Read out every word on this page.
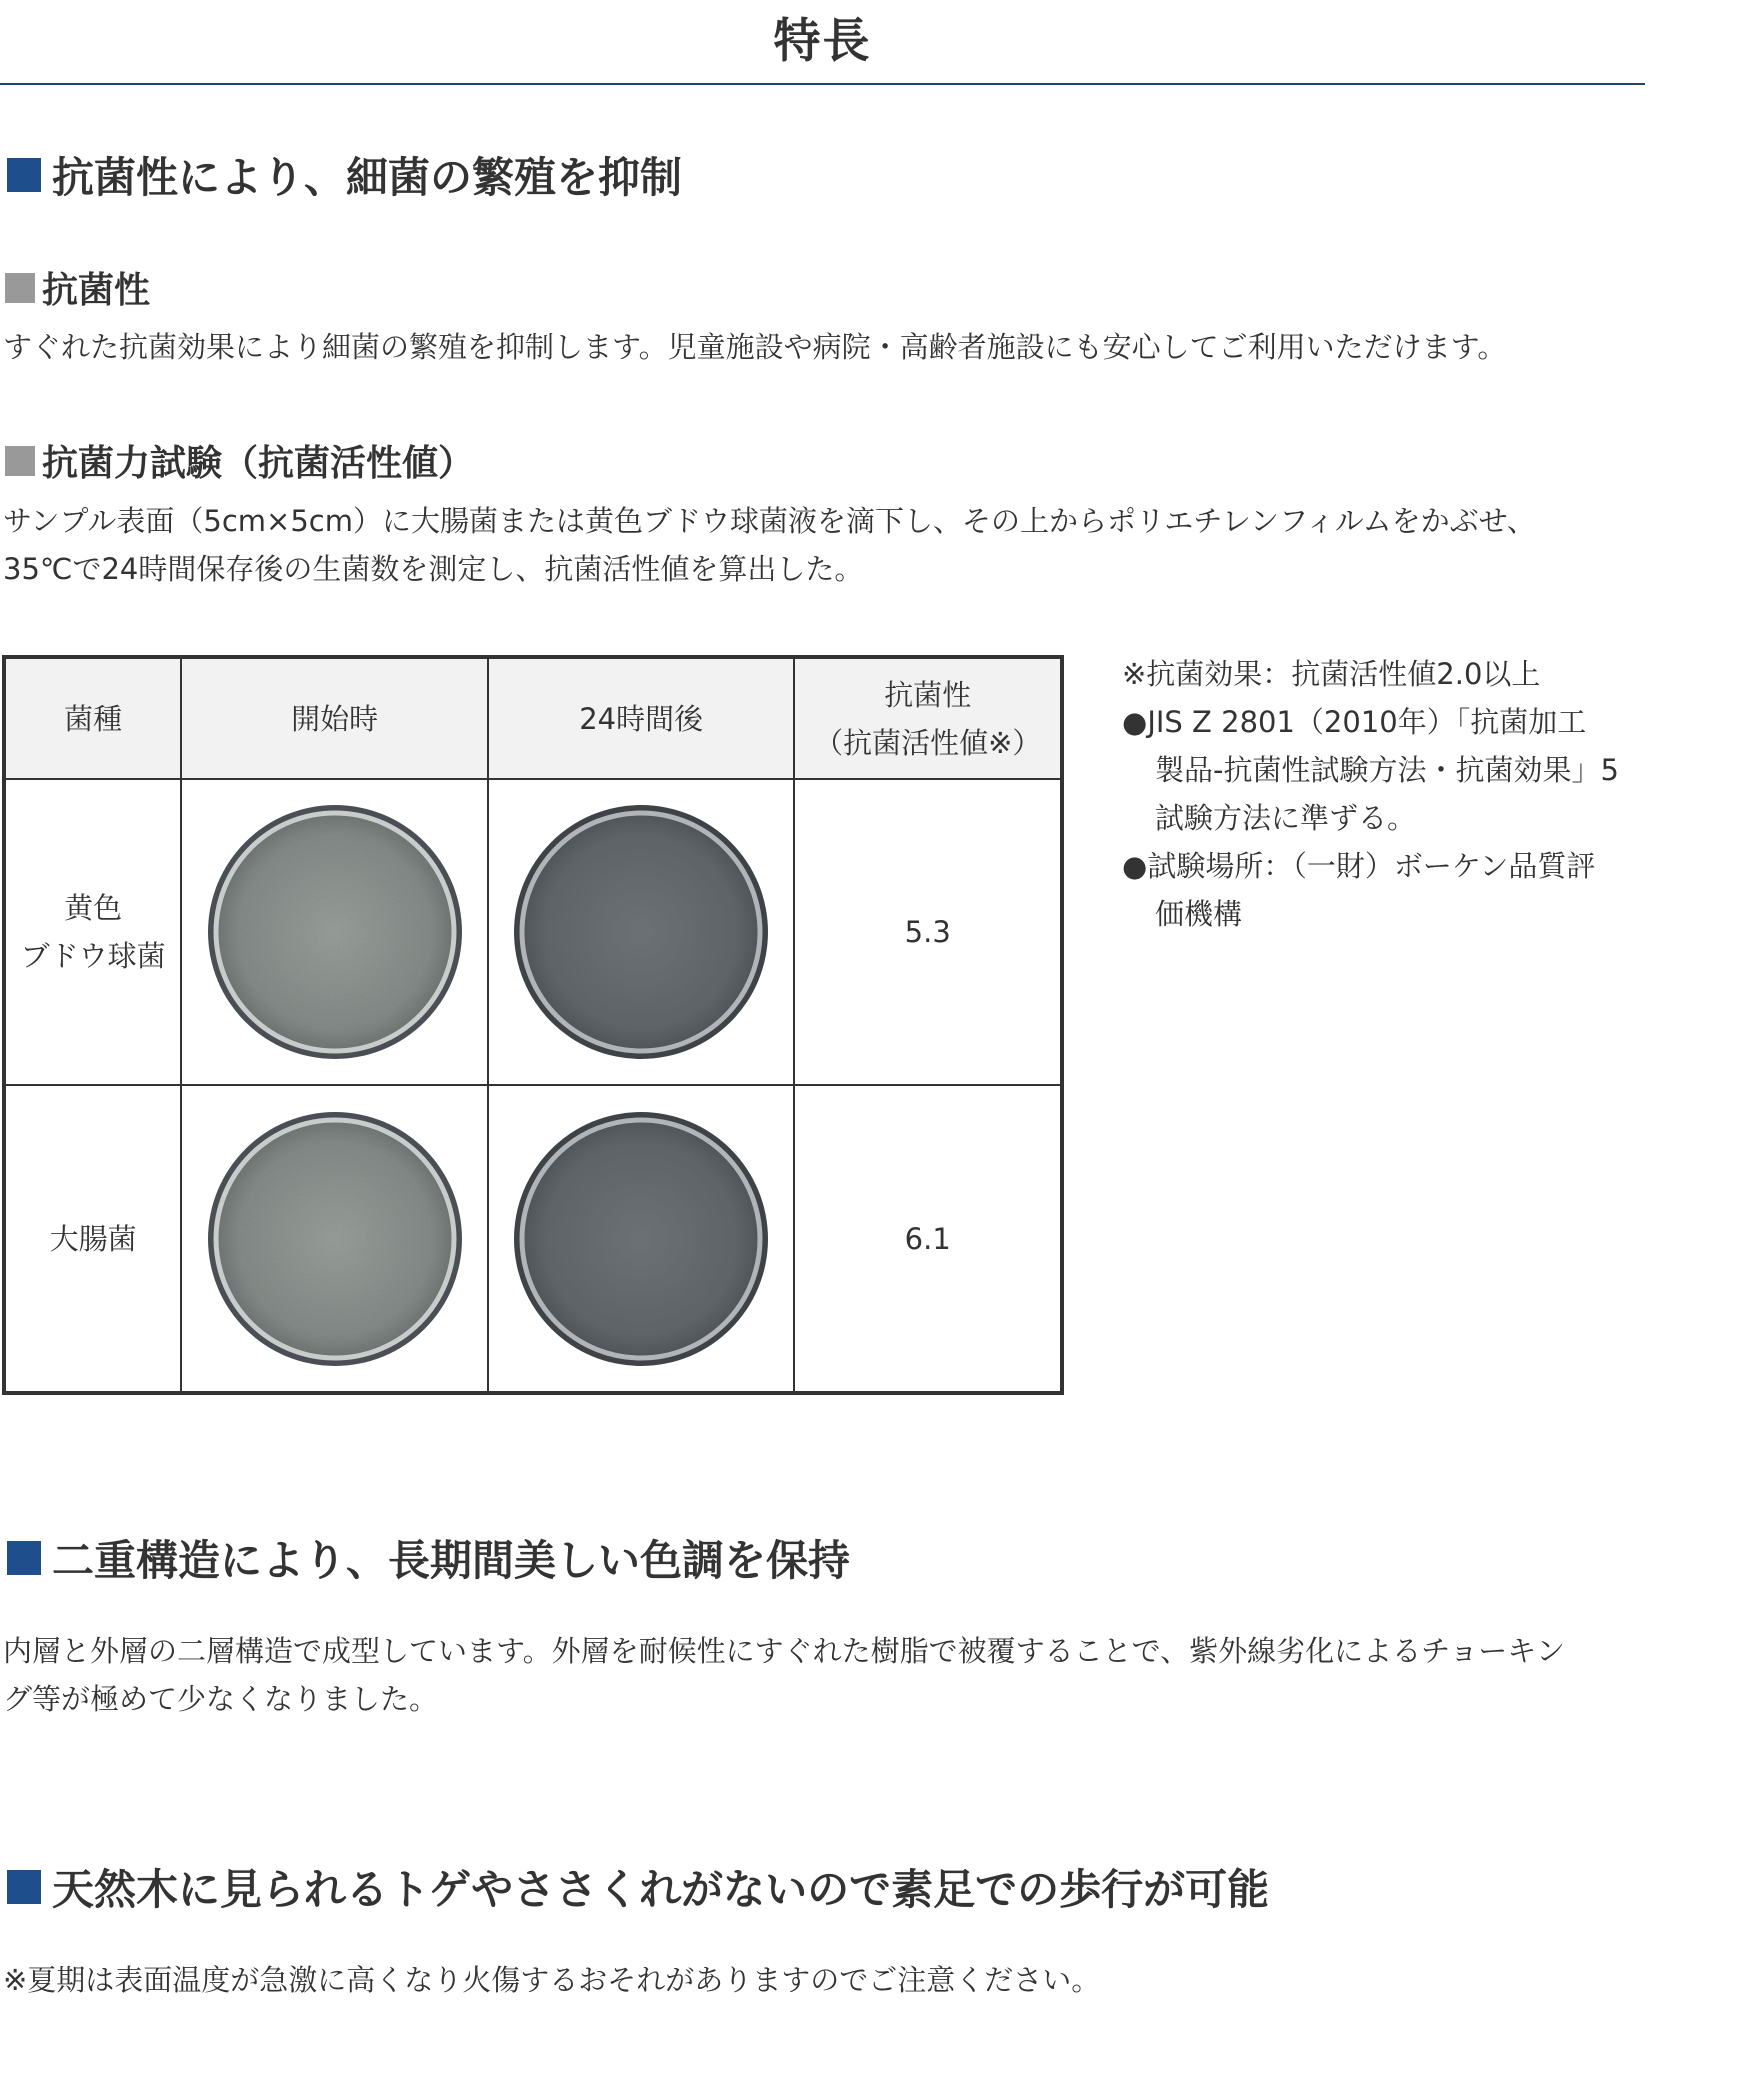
特長
抗菌性により、細菌の繁殖を抑制
抗菌性

すぐれた抗菌効果により細菌の繁殖を抑制します。児童施設や病院・高齢者施設にも安心してご利用いただけます。

抗菌力試験（抗菌活性値）
サンプル表面（5cm×5cm）に大腸菌または黄色ブドウ球菌液を滴下し、その上からポリエチレンフィルムをかぶせ、
35℃で24時間保存後の生菌数を測定し、抗菌活性値を算出した。
菌種	開始時	24時間後	抗菌性
（抗菌活性値※）

黄色
ブドウ球菌			5.3

大腸菌			6.1
※抗菌効果：抗菌活性値2.0以上
● JIS Z 2801（2010年）「抗菌加工
製品-抗菌性試験方法・抗菌効果」5
試験方法に準ずる。
● 試験場所：（一財）ボーケン品質評
価機構
二重構造により、長期間美しい色調を保持
内層と外層の二層構造で成型しています。外層を耐候性にすぐれた樹脂で被覆することで、紫外線劣化によるチョーキン
グ等が極めて少なくなりました。
天然木に見られるトゲやささくれがないので素足での歩行が可能

※夏期は表面温度が急激に高くなり火傷するおそれがありますのでご注意ください。
